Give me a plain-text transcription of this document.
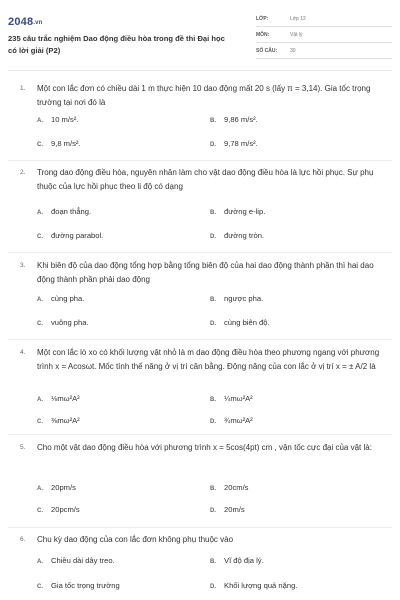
2048.vn
235 câu trắc nghiệm Dao động điều hòa trong đề thi Đại học có lời giải (P2)
LỚP:	Lớp 12
MÔN:	Vật lý
SỐ CÂU:	30
1. Một con lắc đơn có chiều dài 1 m thực hiện 10 dao động mất 20 s (lấy π = 3,14). Gia tốc trọng trường tại nơi đó là
A. 10 m/s².	B. 9,86 m/s².
C. 9,8 m/s².	D. 9,78 m/s².
2. Trong dao động điều hòa, nguyên nhân làm cho vật dao động điều hòa là lực hồi phục. Sự phụ thuộc của lực hồi phục theo li độ có dạng
A. đoạn thẳng.	B. đường e-lip.
C. đường parabol.	D. đường tròn.
3. Khi biên độ của dao động tổng hợp bằng tổng biên độ của hai dao động thành phần thì hai dao động thành phần phải dao động
A. cùng pha.	B. ngược pha.
C. vuông pha.	D. cùng biên độ.
4. Một con lắc lò xo có khối lượng vật nhỏ là m dao động điều hòa theo phương ngang với phương trình x = Acosωt. Mốc tính thế năng ở vị trí cân bằng. Động năng của con lắc ở vị trí x = ± A/2 là
A. ⅛mω²A²	B. ¼mω²A²
C. ⅜mω²A²	D. ¾mω²A²
5. Cho một vật dao động điều hòa với phương trình x = 5cos(4pt) cm , vận tốc cực đại của vật là:
A. 20pm/s	B. 20cm/s
C. 20pcm/s	D. 20m/s
6. Chu kỳ dao động của con lắc đơn không phụ thuộc vào
A. Chiều dài dây treo.	B. Vĩ độ địa lý.
C. Gia tốc trọng trường	D. Khối lượng quả nặng.
